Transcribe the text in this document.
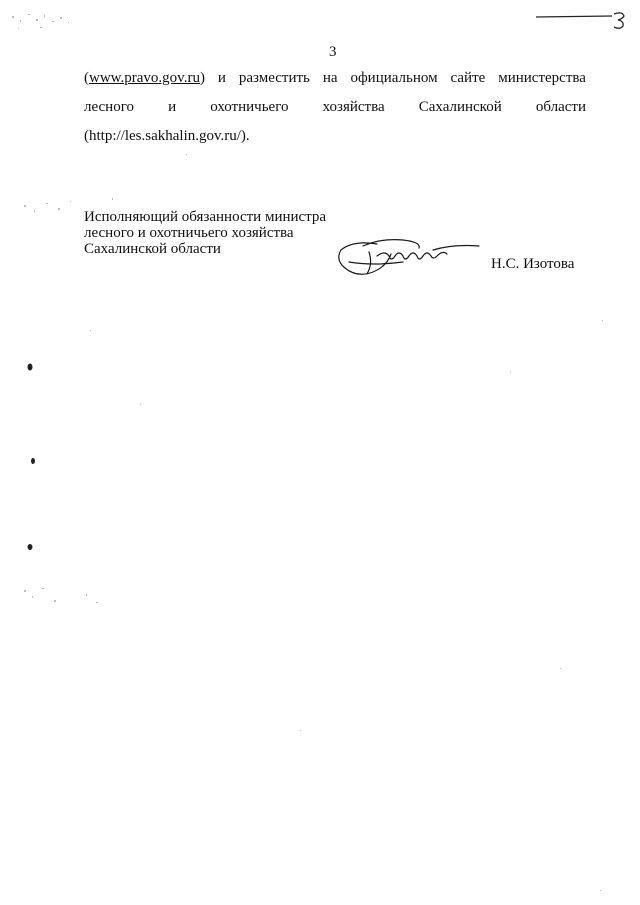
3
(www.pravo.gov.ru) и разместить на официальном сайте министерства
лесного и охотничьего хозяйства Сахалинской области
(http://les.sakhalin.gov.ru/).
Исполняющий обязанности министра
лесного и охотничьего хозяйства
Сахалинской области
Н.С. Изотова
